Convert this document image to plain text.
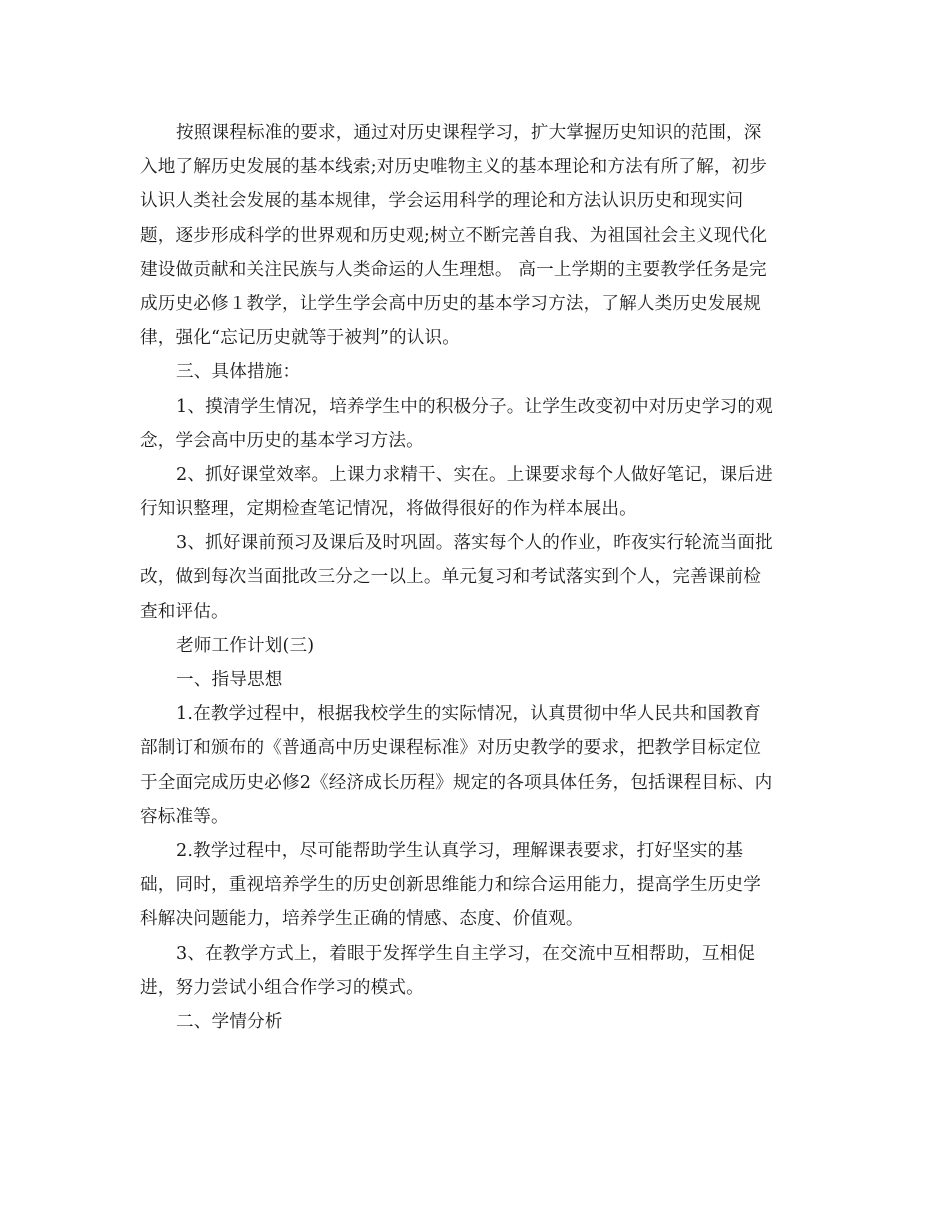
按照课程标准的要求，通过对历史课程学习，扩大掌握历史知识的范围，深
入地了解历史发展的基本线索;对历史唯物主义的基本理论和方法有所了解，初步
认识人类社会发展的基本规律，学会运用科学的理论和方法认识历史和现实问
题，逐步形成科学的世界观和历史观;树立不断完善自我、为祖国社会主义现代化
建设做贡献和关注民族与人类命运的人生理想。 高一上学期的主要教学任务是完
成历史必修１教学，让学生学会高中历史的基本学习方法，了解人类历史发展规
律，强化“忘记历史就等于被判”的认识。
三、具体措施：
1、摸清学生情况，培养学生中的积极分子。让学生改变初中对历史学习的观
念，学会高中历史的基本学习方法。
2、抓好课堂效率。上课力求精干、实在。上课要求每个人做好笔记，课后进
行知识整理，定期检查笔记情况，将做得很好的作为样本展出。
3、抓好课前预习及课后及时巩固。落实每个人的作业，昨夜实行轮流当面批
改，做到每次当面批改三分之一以上。单元复习和考试落实到个人，完善课前检
查和评估。
老师工作计划(三)
一、指导思想
1.在教学过程中，根据我校学生的实际情况，认真贯彻中华人民共和国教育
部制订和颁布的《普通高中历史课程标准》对历史教学的要求，把教学目标定位
于全面完成历史必修2《经济成长历程》规定的各项具体任务，包括课程目标、内
容标准等。
2.教学过程中，尽可能帮助学生认真学习，理解课表要求，打好坚实的基
础，同时，重视培养学生的历史创新思维能力和综合运用能力，提高学生历史学
科解决问题能力，培养学生正确的情感、态度、价值观。
3、在教学方式上，着眼于发挥学生自主学习，在交流中互相帮助，互相促
进，努力尝试小组合作学习的模式。
二、学情分析
